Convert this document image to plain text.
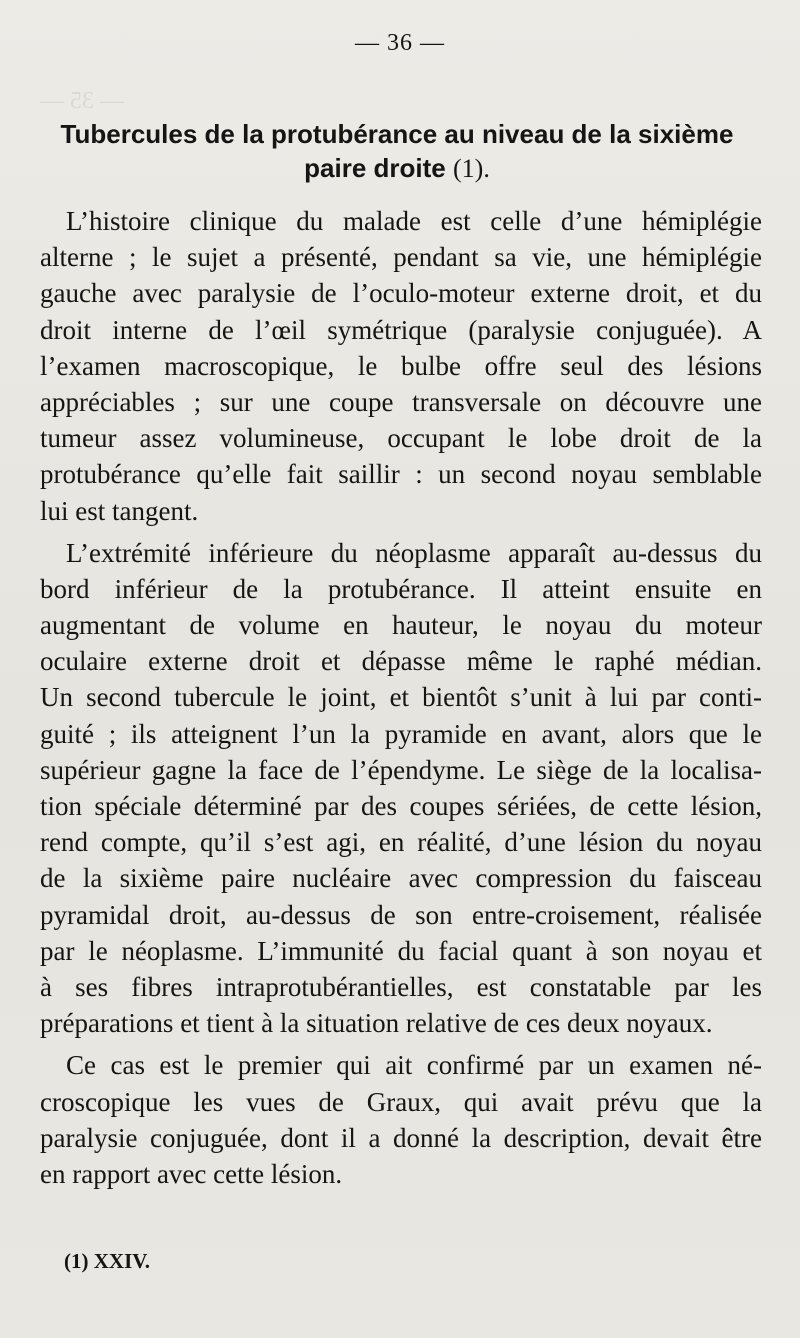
— 35 —
— 36 —
Tubercules de la protubérance au niveau de la sixième
paire droite (1).
L’histoire clinique du malade est celle d’une hémiplégie
alterne ; le sujet a présenté, pendant sa vie, une hémiplégie
gauche avec paralysie de l’oculo-moteur externe droit, et du
droit interne de l’œil symétrique (paralysie conjuguée). A
l’examen macroscopique, le bulbe offre seul des lésions
appréciables ; sur une coupe transversale on découvre une
tumeur assez volumineuse, occupant le lobe droit de la
protubérance qu’elle fait saillir : un second noyau semblable
lui est tangent.
L’extrémité inférieure du néoplasme apparaît au-dessus du
bord inférieur de la protubérance. Il atteint ensuite en
augmentant de volume en hauteur, le noyau du moteur
oculaire externe droit et dépasse même le raphé médian.
Un second tubercule le joint, et bientôt s’unit à lui par conti-
guité ; ils atteignent l’un la pyramide en avant, alors que le
supérieur gagne la face de l’épendyme. Le siège de la localisa-
tion spéciale déterminé par des coupes sériées, de cette lésion,
rend compte, qu’il s’est agi, en réalité, d’une lésion du noyau
de la sixième paire nucléaire avec compression du faisceau
pyramidal droit, au-dessus de son entre-croisement, réalisée
par le néoplasme. L’immunité du facial quant à son noyau et
à ses fibres intraprotubérantielles, est constatable par les
préparations et tient à la situation relative de ces deux noyaux.
Ce cas est le premier qui ait confirmé par un examen né-
croscopique les vues de Graux, qui avait prévu que la
paralysie conjuguée, dont il a donné la description, devait être
en rapport avec cette lésion.
(1) XXIV.
